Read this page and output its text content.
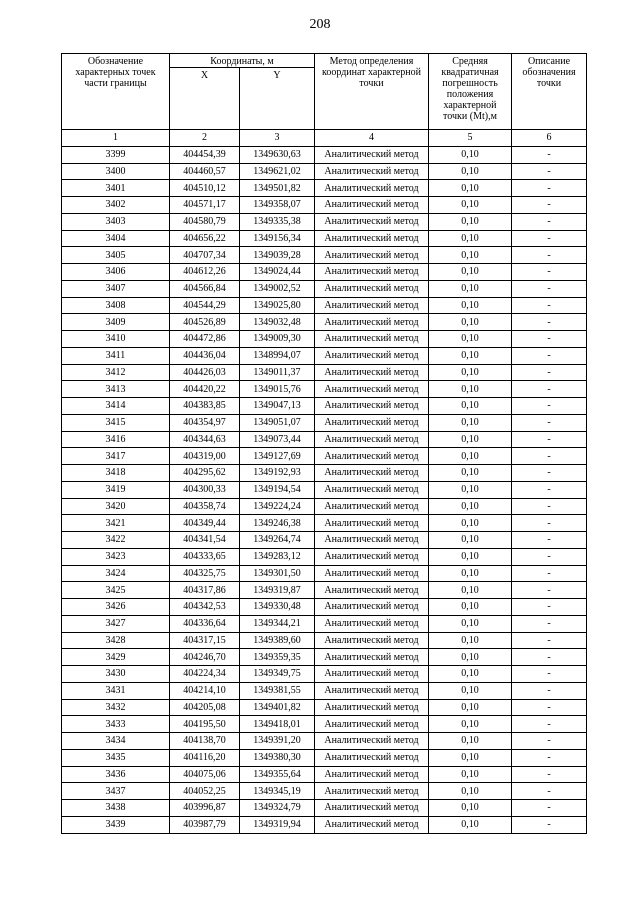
208
Обозначение характерных точек части границы	Координаты, м		Метод определения координат характерной точки	Средняя квадратичная погрешность положения характерной точки (Mt),м	Описание обозначения точки
	X	Y			
1	2	3	4	5	6
3399	404454,39	1349630,63	Аналитический метод	0,10	-
3400	404460,57	1349621,02	Аналитический метод	0,10	-
3401	404510,12	1349501,82	Аналитический метод	0,10	-
3402	404571,17	1349358,07	Аналитический метод	0,10	-
3403	404580,79	1349335,38	Аналитический метод	0,10	-
3404	404656,22	1349156,34	Аналитический метод	0,10	-
3405	404707,34	1349039,28	Аналитический метод	0,10	-
3406	404612,26	1349024,44	Аналитический метод	0,10	-
3407	404566,84	1349002,52	Аналитический метод	0,10	-
3408	404544,29	1349025,80	Аналитический метод	0,10	-
3409	404526,89	1349032,48	Аналитический метод	0,10	-
3410	404472,86	1349009,30	Аналитический метод	0,10	-
3411	404436,04	1348994,07	Аналитический метод	0,10	-
3412	404426,03	1349011,37	Аналитический метод	0,10	-
3413	404420,22	1349015,76	Аналитический метод	0,10	-
3414	404383,85	1349047,13	Аналитический метод	0,10	-
3415	404354,97	1349051,07	Аналитический метод	0,10	-
3416	404344,63	1349073,44	Аналитический метод	0,10	-
3417	404319,00	1349127,69	Аналитический метод	0,10	-
3418	404295,62	1349192,93	Аналитический метод	0,10	-
3419	404300,33	1349194,54	Аналитический метод	0,10	-
3420	404358,74	1349224,24	Аналитический метод	0,10	-
3421	404349,44	1349246,38	Аналитический метод	0,10	-
3422	404341,54	1349264,74	Аналитический метод	0,10	-
3423	404333,65	1349283,12	Аналитический метод	0,10	-
3424	404325,75	1349301,50	Аналитический метод	0,10	-
3425	404317,86	1349319,87	Аналитический метод	0,10	-
3426	404342,53	1349330,48	Аналитический метод	0,10	-
3427	404336,64	1349344,21	Аналитический метод	0,10	-
3428	404317,15	1349389,60	Аналитический метод	0,10	-
3429	404246,70	1349359,35	Аналитический метод	0,10	-
3430	404224,34	1349349,75	Аналитический метод	0,10	-
3431	404214,10	1349381,55	Аналитический метод	0,10	-
3432	404205,08	1349401,82	Аналитический метод	0,10	-
3433	404195,50	1349418,01	Аналитический метод	0,10	-
3434	404138,70	1349391,20	Аналитический метод	0,10	-
3435	404116,20	1349380,30	Аналитический метод	0,10	-
3436	404075,06	1349355,64	Аналитический метод	0,10	-
3437	404052,25	1349345,19	Аналитический метод	0,10	-
3438	403996,87	1349324,79	Аналитический метод	0,10	-
3439	403987,79	1349319,94	Аналитический метод	0,10	-
